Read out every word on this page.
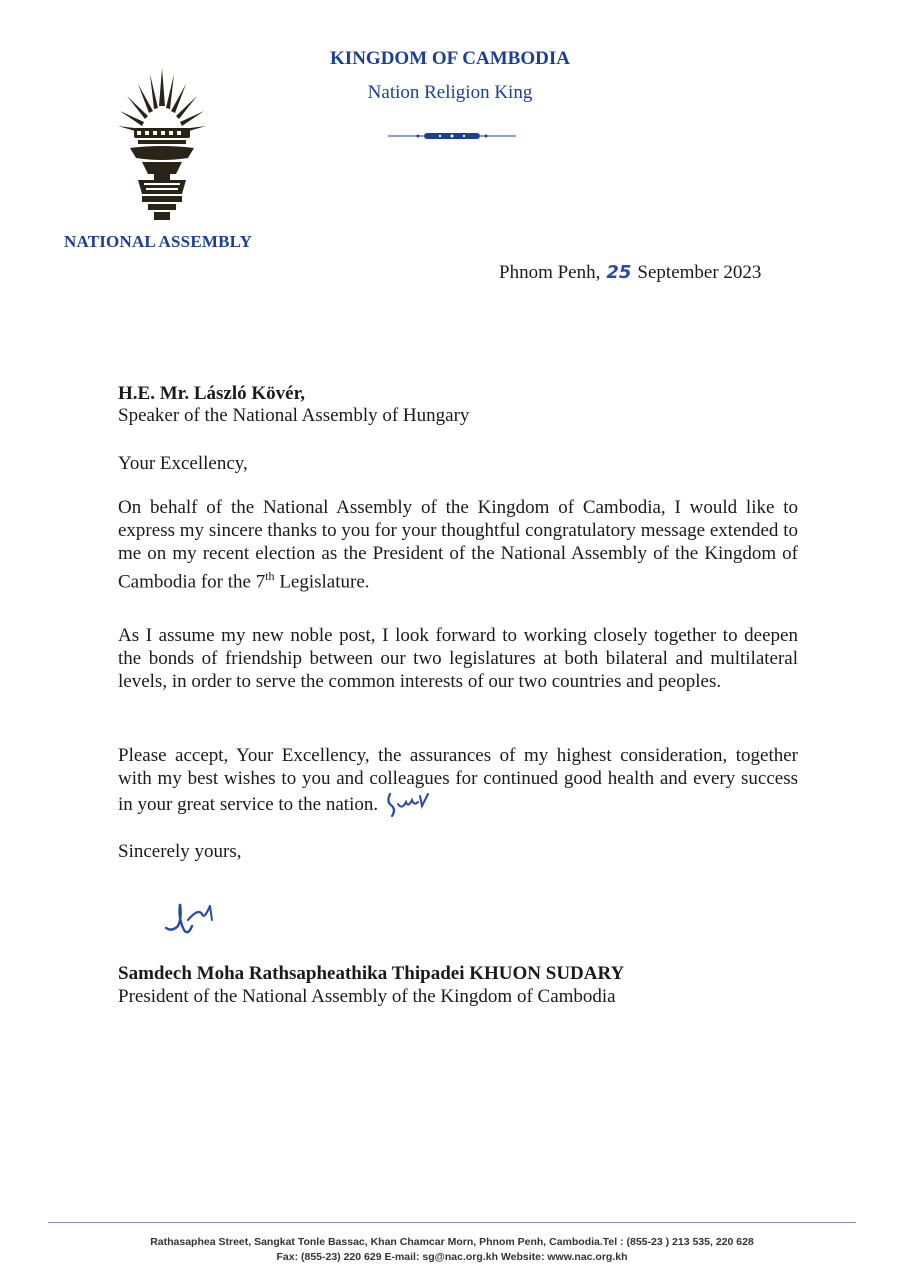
NATIONAL ASSEMBLY
KINGDOM OF CAMBODIA
Nation Religion King
Phnom Penh, 25 September 2023
H.E. Mr. László Kövér,
Speaker of the National Assembly of Hungary
Your Excellency,

On behalf of the National Assembly of the Kingdom of Cambodia, I would like to express my sincere thanks to you for your thoughtful congratulatory message extended to me on my recent election as the President of the National Assembly of the Kingdom of Cambodia for the 7th Legislature.

As I assume my new noble post, I look forward to working closely together to deepen the bonds of friendship between our two legislatures at both bilateral and multilateral levels, in order to serve the common interests of our two countries and peoples.

Please accept, Your Excellency, the assurances of my highest consideration, together with my best wishes to you and colleagues for continued good health and every success in your great service to the nation.

Sincerely yours,
Samdech Moha Rathsapheathika Thipadei KHUON SUDARY
President of the National Assembly of the Kingdom of Cambodia
Rathasaphea Street, Sangkat Tonle Bassac, Khan Chamcar Morn, Phnom Penh, Cambodia.Tel : (855-23 ) 213 535, 220 628
Fax: (855-23) 220 629 E-mail: sg@nac.org.kh Website: www.nac.org.kh
